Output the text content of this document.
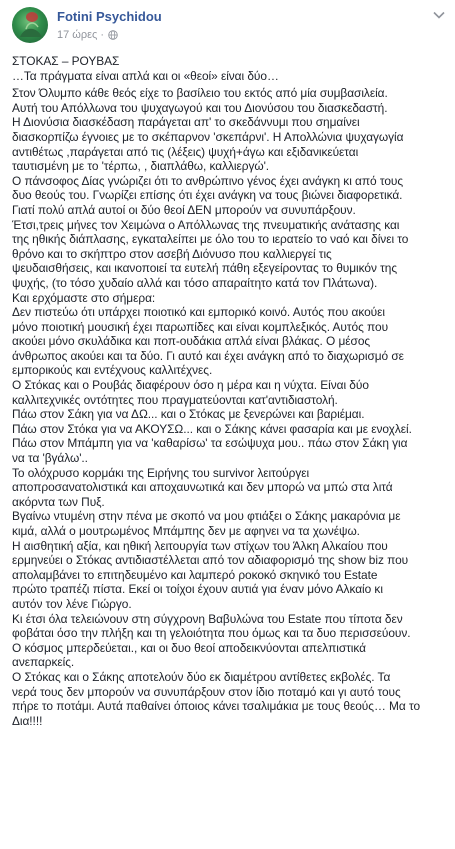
Fotini Psychidou
17 ώρες ·

ΣΤΟΚΑΣ – ΡΟΥΒΑΣ

…Τα πράγματα είναι απλά και οι «θεοί» είναι δύο…

Στον Όλυμπο κάθε θεός είχε το βασίλειο του εκτός από μία συμβασιλεία.

Αυτή του Απόλλωνα του ψυχαγωγού και του Διονύσου του διασκεδαστή.

Η Διονύσια διασκέδαση παράγεται απ' το σκεδάννυμι που σημαίνει

διασκορπίζω έγνοιες με το σκέπαρνον 'σκεπάρνι'. Η Απολλώνια ψυχαγωγία

αντιθέτως ,παράγεται από τις (λέξεις) ψυχή+άγω και εξιδανικεύεται

ταυτισμένη με το 'τέρπω, , διαπλάθω, καλλιεργώ'.

Ο πάνσοφος Δίας γνώριζει ότι το ανθρώπινο γένος έχει ανάγκη κι από τους

δυο θεούς του. Γνωρίζει επίσης ότι έχει ανάγκη να τους βιώνει διαφορετικά.

Γιατί πολύ απλά αυτοί οι δύο θεοί ΔΕΝ μπορούν να συνυπάρξουν.

Έτσι,τρεις μήνες τον Χειμώνα ο Απόλλωνας της πνευματικής ανάτασης και

της ηθικής διάπλασης, εγκαταλείπει με όλο του το ιερατείο το ναό και δίνει το

θρόνο και το σκήπτρο στον ασεβή Διόνυσο που καλλιεργεί τις

ψευδαισθήσεις, και ικανοποιεί τα ευτελή πάθη εξεγείροντας το θυμικόν της

ψυχής, (το τόσο χυδαίο αλλά και τόσο απαραίτητο κατά τον Πλάτωνα).

Και ερχόμαστε στο σήμερα:

Δεν πιστεύω ότι υπάρχει ποιοτικό και εμπορικό κοινό. Αυτός που ακούει

μόνο ποιοτική μουσική έχει παρωπίδες και είναι κομπλεξικός. Αυτός που

ακούει μόνο σκυλάδικα και ποπ-ουδάκια απλά είναι βλάκας. Ο μέσος

άνθρωπος ακούει και τα δύο. Γι αυτό και έχει ανάγκη από το διαχωρισμό σε

εμπορικούς και εντέχνους καλλιτέχνες.

Ο Στόκας και ο Ρουβάς διαφέρουν όσο η μέρα και η νύχτα. Είναι δύο

καλλιτεχνικές οντότητες που πραγματεύονται κατ'αντιδιαστολή.

Πάω στον Σάκη για να ΔΩ... και ο Στόκας με ξενερώνει και βαριέμαι.

Πάω στον Στόκα για να ΑΚΟΥΣΩ... και ο Σάκης κάνει φασαρία και με ενοχλεί.

Πάω στον Μπάμπη για να 'καθαρίσω' τα εσώψυχα μου.. πάω στον Σάκη για

να τα 'βγάλω'..

Το ολόχρυσο κορμάκι της Ειρήνης του survivor λειτούργει

αποπροσανατολιστικά και αποχαυνωτικά και δεν μπορώ να μπώ στα λιτά

ακόρντα των Πυξ.

Βγαίνω ντυμένη στην πένα με σκοπό να μου φτιάξει ο Σάκης μακαρόνια με

κιμά, αλλά ο μουτρωμένος Μπάμπης δεν με αφηνει να τα χωνέψω.

Η αισθητική αξία, και ηθική λειτουργία των στίχων του Άλκη Αλκαίου που

ερμηνεύει ο Στόκας αντιδιαστέλλεται από τον αδιαφορισμό της show biz που

απολαμβάνει το επιτηδευμένο και λαμπερό ροκοκό σκηνικό του Estate

πρώτο τραπέζι πίστα. Εκεί οι τοίχοι έχουν αυτιά για έναν μόνο Αλκαίο κι

αυτόν τον λένε Γιώργο.

Κι έτσι όλα τελειώνουν στη σύγχρονη Βαβυλώνα του Estate που τίποτα δεν

φοβάται όσο την πλήξη και τη γελοιότητα που όμως και τα δυο περισσεύουν.

Ο κόσμος μπερδεύεται., και οι δυο θεοί αποδεικνύονται απελπιστικά

ανεπαρκείς.

Ο Στόκας και ο Σάκης αποτελούν δύο εκ διαμέτρου αντίθετες εκβολές. Τα

νερά τους δεν μπορούν να συνυπάρξουν στον ίδιο ποταμό και γι αυτό τους

πήρε το ποτάμι. Αυτά παθαίνει όποιος κάνει τσαλιμάκια με τους θεούς… Μα το

Δια!!!!
